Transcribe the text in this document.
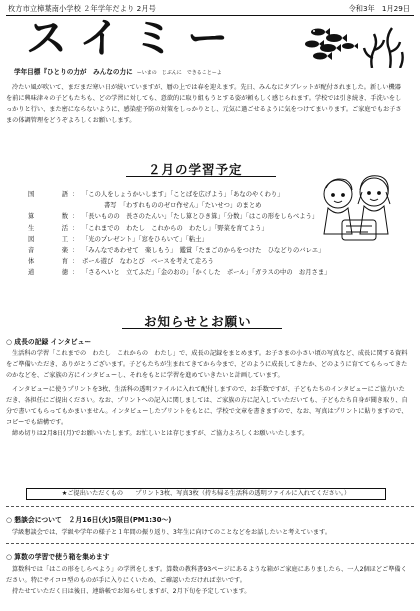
枚方市立樟葉南小学校 ２年学年だより 2月号	令和3年　1月29日
スイミー
学年目標『ひとりの力が　みんなの力に ーいまの　じぶんに　できることーよ

冷たい風が吹いて、まだまだ寒い日が続いていますが、暦の上では春を迎えます。先日、みんなにタブレットが配付されました。新しい機器を前に興味津々の子どもたちも、どの学習に対しても、意欲的に取り組もうとする姿が頼もしく感じられます。学校では引き続き、手洗いをしっかりと行い、また密にならないように、感染症予防の対策をしっかりとし、元気に過ごせるように気をつけてまいります。ご家庭でもお子さまの体調管理をどうぞよろしくお願いします。

２月の学習予定
国　語 ： 「この人をしょうかいします」「ことばを広げよう」「あなのやくわり」
書写　「わすれもののゼロ作せん」「たいせつ」のまとめ
算　数 ： 「長いものの　長さのたんい」「たし算とひき算」「分数」「はこの形をしらべよう」
生　活 ： 「これまでの　わたし　これからの　わたし」「野菜を育てよう」
図　工 ： 「光のプレゼント」「窓をひらいて」「粘土」
音　楽 ： 「みんなであわせて　楽しもう」　鑑賞「たまごのからをつけた　ひなどりのバレエ」
体　育 ： ボール遊び　なわとび　ベースを考えて走ろう
道　徳 ： 「さるへいと　立てふだ」「金のおの」「かくした　ボール」「ガラスの中の　お月さま」
お知らせとお願い
○ 成長の記録 インタビュー

生活科の学習「これまでの　わたし　これからの　わたし」で、成長の記録をまとめます。お子さまの小さい頃の写真など、成長に関する資料をご準備いただき、ありがとうございます。子どもたちが生まれてきてから今まで、どのように成長してきたか、どのように育ててもらってきたのかなどを、ご家族の方にインタビューし、それをもとに学習を進めていきたいと計画しています。

インタビューに使うプリントを3枚、生活科の透明ファイルに入れて配付しますので、お手数ですが、子どもたちのインタビューにご協力いただき、各担任にご提出ください。なお、プリントへの記入に関しましては、ご家族の方に記入していただいても、子どもたち自身が聞き取り、自分で書いてもらってもかまいません。インタビューしたプリントをもとに、学校で文章を書きますので、なお、写真はプリントに貼りますので、コピーでも結構です。

締め切りは2月8日(月)でお願いいたします。お忙しいとは存じますが、ご協力よろしくお願いいたします。

★ご提出いただくもの　　プリント3枚、写真3枚（持ち帰る生活科の透明ファイルに入れてください。）
○ 懇談会について　２月16日(火)5限目(PM1:30～)

学級懇談会では、学級や学年の様子と１年間の振り返り、3年生に向けてのことなどをお話したいと考えています。

○ 算数の学習で使う箱を集めます

算数科では「はこの形をしらべよう」の学習をします。算数の教科書93ページにあるような箱がご家庭にありましたら、一人2個ほどご準備ください。特にサイコロ型のものが手に入りにくいため、ご確認いただければ幸いです。

持たせていただく日は後日、連絡帳でお知らせしますが、2月下旬を予定しています。
